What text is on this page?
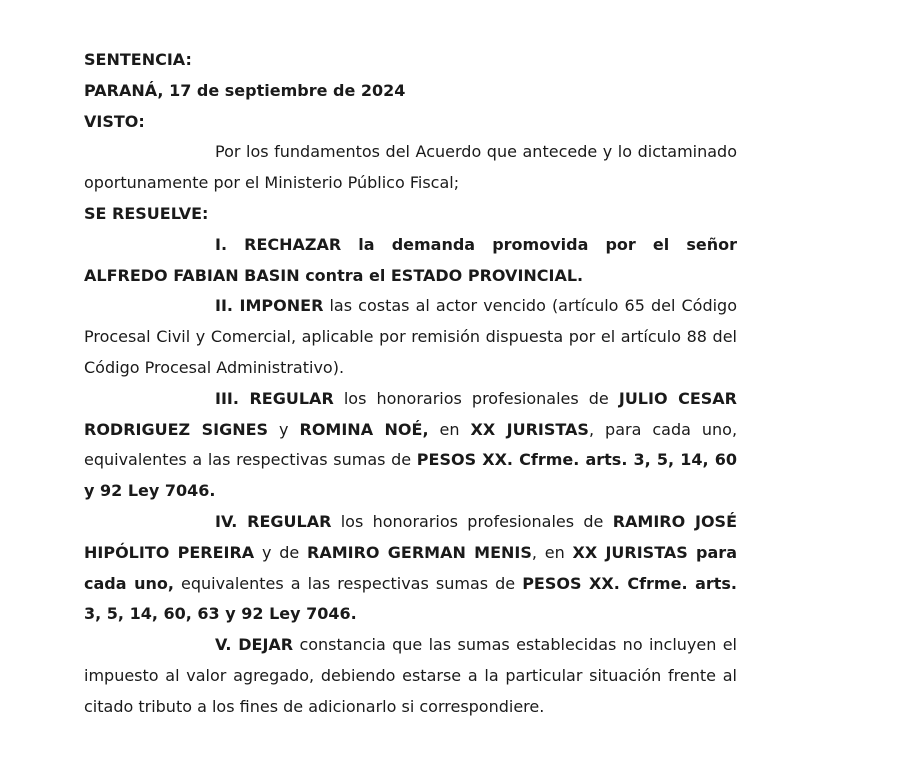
SENTENCIA:
PARANÁ, 17 de septiembre de 2024
VISTO:
Por los fundamentos del Acuerdo que antecede y lo dictaminado oportunamente por el Ministerio Público Fiscal;
SE RESUELVE:
I. RECHAZAR la demanda promovida por el señor ALFREDO FABIAN BASIN contra el ESTADO PROVINCIAL.
II. IMPONER las costas al actor vencido (artículo 65 del Código Procesal Civil y Comercial, aplicable por remisión dispuesta por el artículo 88 del Código Procesal Administrativo).
III. REGULAR los honorarios profesionales de JULIO CESAR RODRIGUEZ SIGNES y ROMINA NOÉ, en XX JURISTAS, para cada uno, equivalentes a las respectivas sumas de PESOS XX. Cfrme. arts. 3, 5, 14, 60 y 92 Ley 7046.
IV. REGULAR los honorarios profesionales de RAMIRO JOSÉ HIPÓLITO PEREIRA y de RAMIRO GERMAN MENIS, en XX JURISTAS para cada uno, equivalentes a las respectivas sumas de PESOS XX. Cfrme. arts. 3, 5, 14, 60, 63 y 92 Ley 7046.
V. DEJAR constancia que las sumas establecidas no incluyen el impuesto al valor agregado, debiendo estarse a la particular situación frente al citado tributo a los fines de adicionarlo si correspondiere.
